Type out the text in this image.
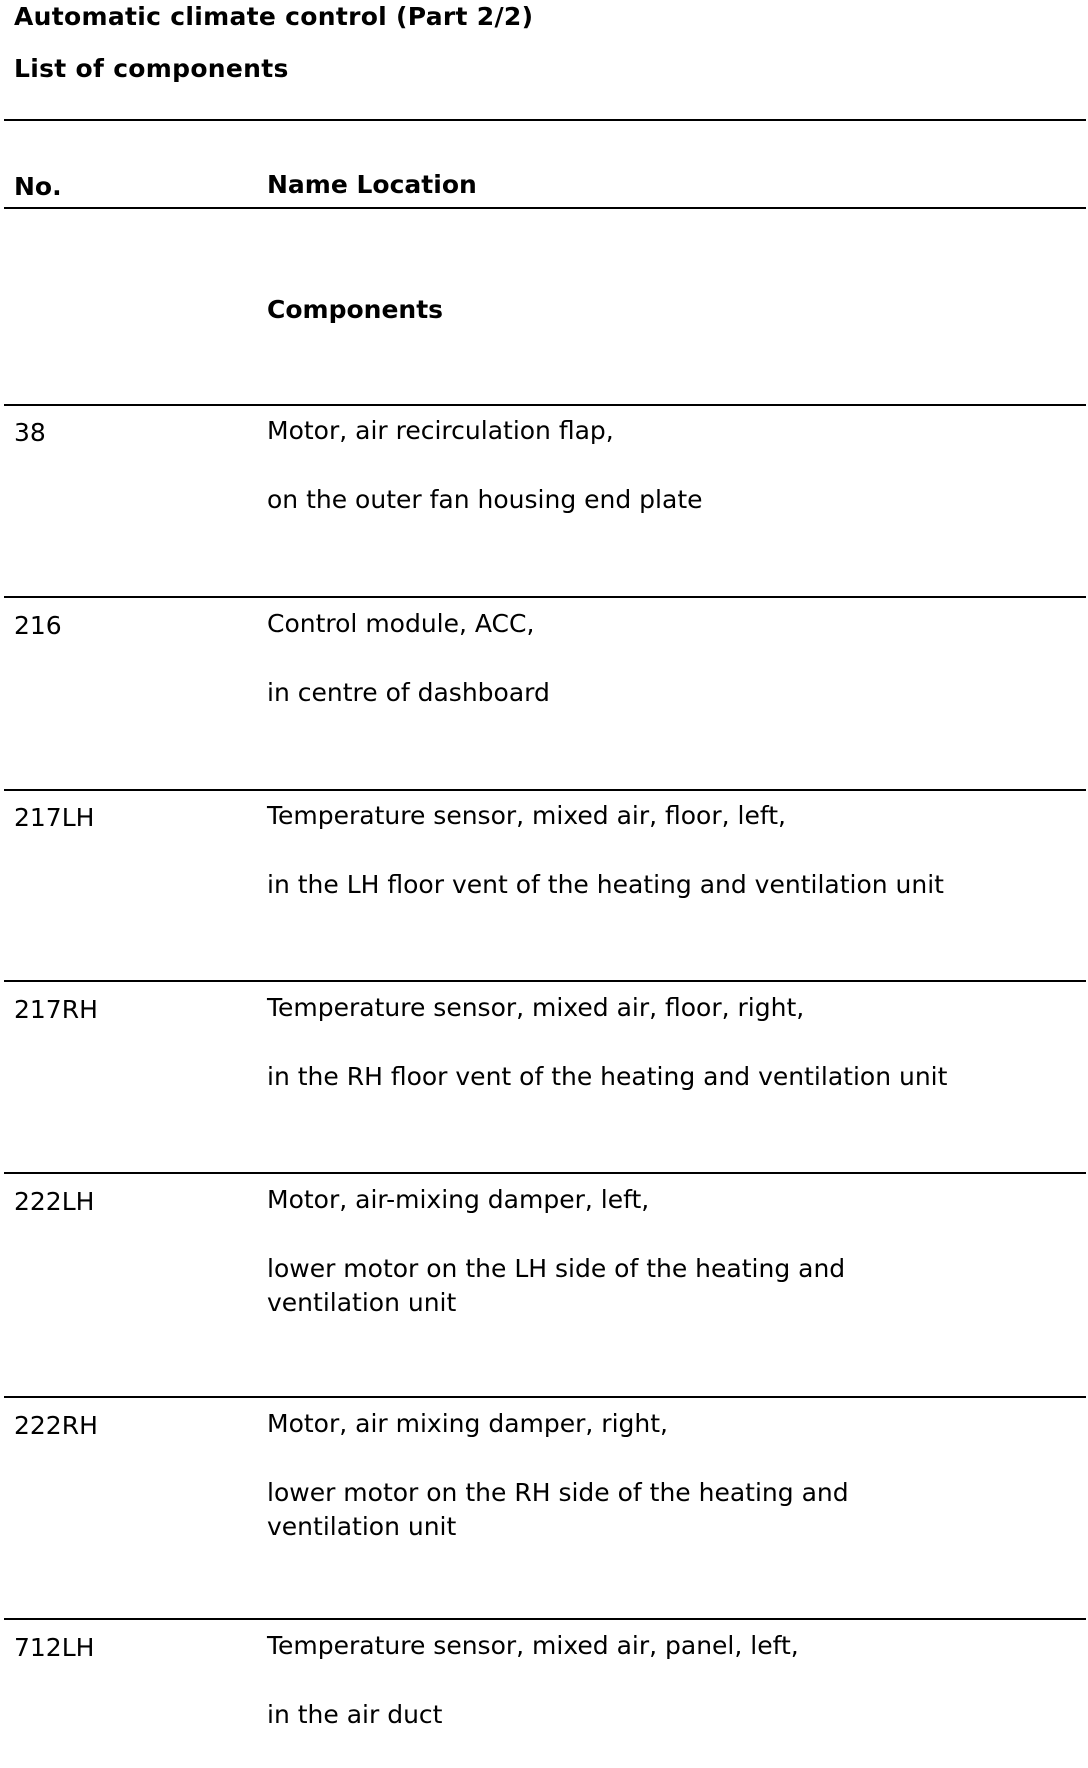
Automatic climate control (Part 2/2)
List of components
No.	Name Location
Components
38	Motor, air recirculation flap,
on the outer fan housing end plate
216	Control module, ACC,
in centre of dashboard
217LH	Temperature sensor, mixed air, floor, left,
in the LH floor vent of the heating and ventilation unit
217RH	Temperature sensor, mixed air, floor, right,
in the RH floor vent of the heating and ventilation unit
222LH	Motor, air-mixing damper, left,
lower motor on the LH side of the heating and ventilation unit
222RH	Motor, air mixing damper, right,
lower motor on the RH side of the heating and ventilation unit
712LH	Temperature sensor, mixed air, panel, left,
in the air duct
